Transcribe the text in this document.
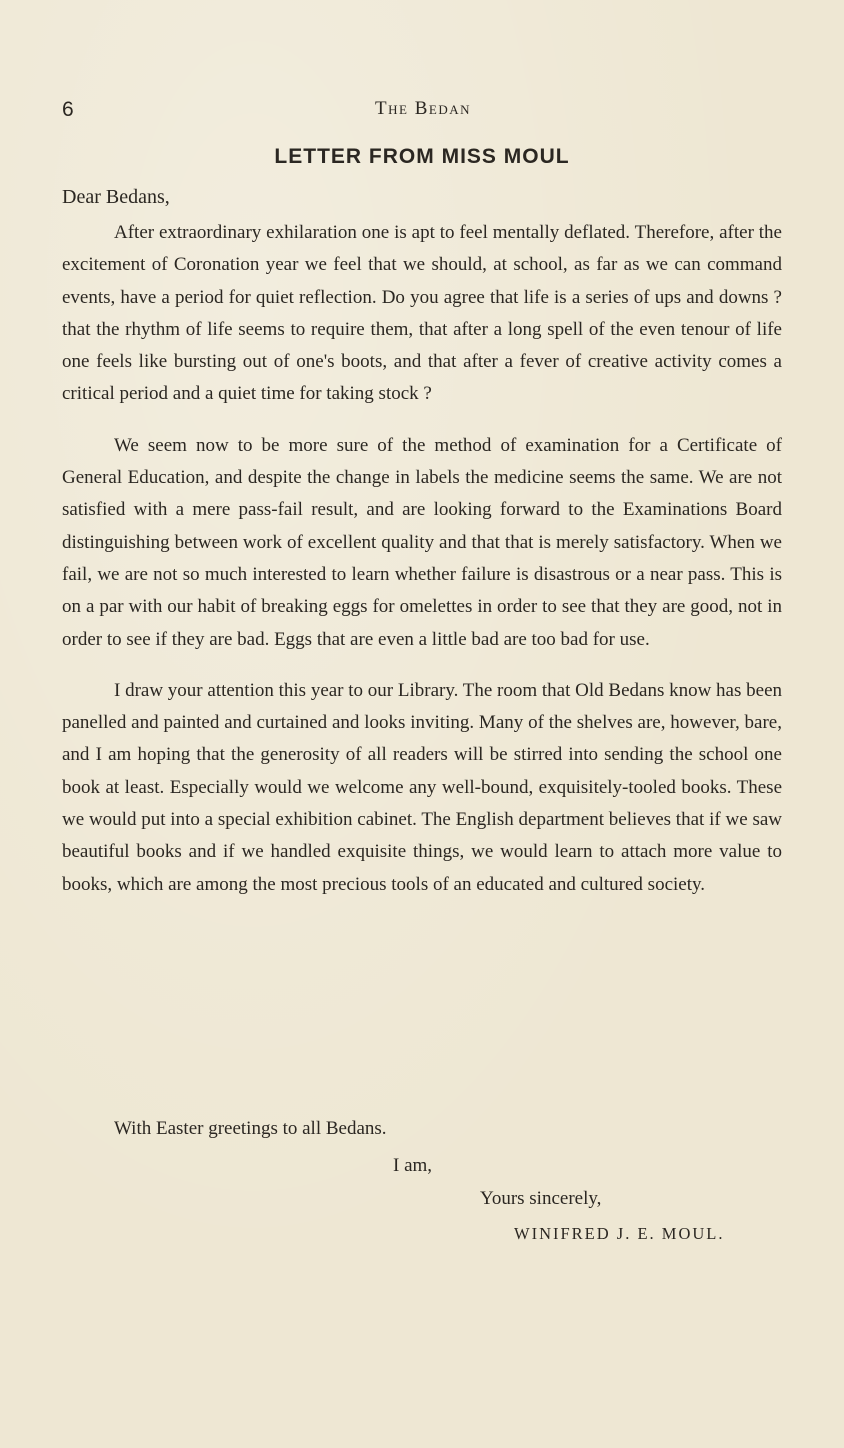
6	The Bedan
LETTER FROM MISS MOUL
Dear Bedans,

After extraordinary exhilaration one is apt to feel mentally deflated. Therefore, after the excitement of Coronation year we feel that we should, at school, as far as we can command events, have a period for quiet reflection. Do you agree that life is a series of ups and downs ? that the rhythm of life seems to require them, that after a long spell of the even tenour of life one feels like bursting out of one's boots, and that after a fever of creative activity comes a critical period and a quiet time for taking stock ?

We seem now to be more sure of the method of examination for a Certificate of General Education, and despite the change in labels the medicine seems the same. We are not satisfied with a mere pass-fail result, and are looking forward to the Examinations Board distinguishing between work of excellent quality and that that is merely satisfactory. When we fail, we are not so much interested to learn whether failure is disastrous or a near pass. This is on a par with our habit of breaking eggs for omelettes in order to see that they are good, not in order to see if they are bad. Eggs that are even a little bad are too bad for use.

I draw your attention this year to our Library. The room that Old Bedans know has been panelled and painted and curtained and looks inviting. Many of the shelves are, however, bare, and I am hoping that the generosity of all readers will be stirred into sending the school one book at least. Especially would we welcome any well-bound, exquisitely-tooled books. These we would put into a special exhibition cabinet. The English department believes that if we saw beautiful books and if we handled exquisite things, we would learn to attach more value to books, which are among the most precious tools of an educated and cultured society.

With Easter greetings to all Bedans.
I am,
Yours sincerely,
WINIFRED J. E. MOUL.
